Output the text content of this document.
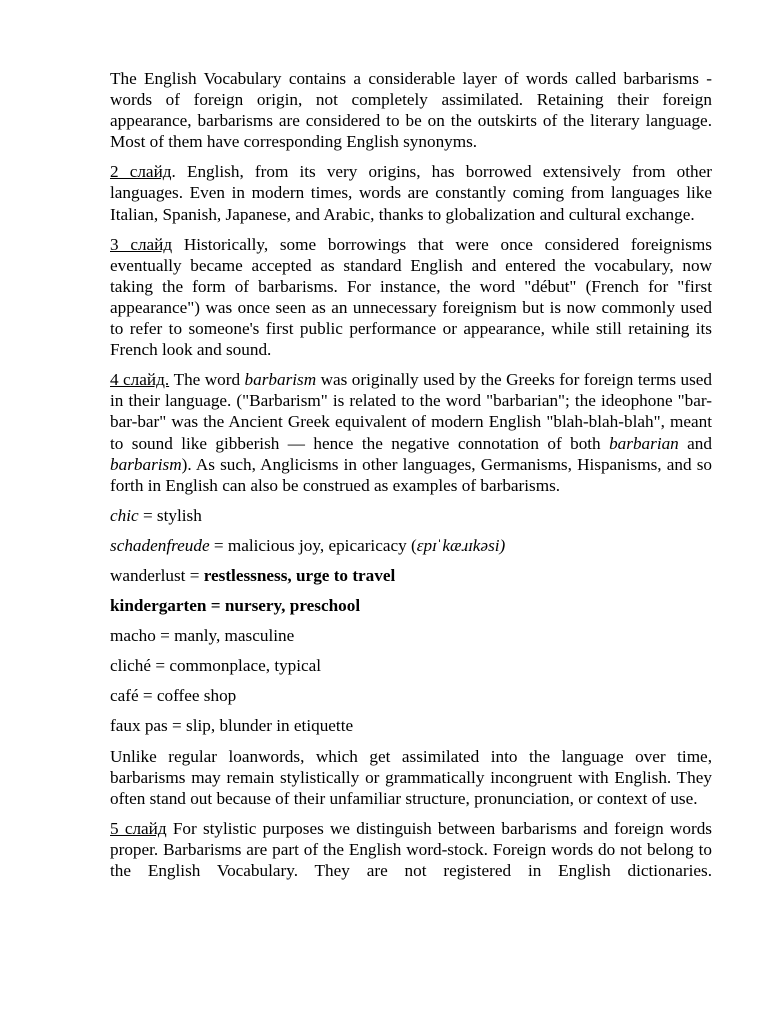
The English Vocabulary contains a considerable layer of words called barbarisms - words of foreign origin, not completely assimilated. Retaining their foreign appearance, barbarisms are considered to be on the outskirts of the literary language. Most of them have corresponding English synonyms.

2 слайд. English, from its very origins, has borrowed extensively from other languages. Even in modern times, words are constantly coming from languages like Italian, Spanish, Japanese, and Arabic, thanks to globalization and cultural exchange.

3 слайд Historically, some borrowings that were once considered foreignisms eventually became accepted as standard English and entered the vocabulary, now taking the form of barbarisms. For instance, the word "début" (French for "first appearance") was once seen as an unnecessary foreignism but is now commonly used to refer to someone's first public performance or appearance, while still retaining its French look and sound.

4 слайд. The word barbarism was originally used by the Greeks for foreign terms used in their language. ("Barbarism" is related to the word "barbarian"; the ideophone "bar-bar-bar" was the Ancient Greek equivalent of modern English "blah-blah-blah", meant to sound like gibberish — hence the negative connotation of both barbarian and barbarism). As such, Anglicisms in other languages, Germanisms, Hispanisms, and so forth in English can also be construed as examples of barbarisms.

chic = stylish

schadenfreude = malicious joy, epicaricacy (ɛpɪˈkæɹɪkəsi)

wanderlust = restlessness, urge to travel

kindergarten = nursery, preschool

macho = manly, masculine

cliché = commonplace, typical

café = coffee shop

faux pas = slip, blunder in etiquette

Unlike regular loanwords, which get assimilated into the language over time, barbarisms may remain stylistically or grammatically incongruent with English. They often stand out because of their unfamiliar structure, pronunciation, or context of use.

5 слайд For stylistic purposes we distinguish between barbarisms and foreign words proper. Barbarisms are part of the English word-stock. Foreign words do not belong to the English Vocabulary. They are not registered in English dictionaries.
